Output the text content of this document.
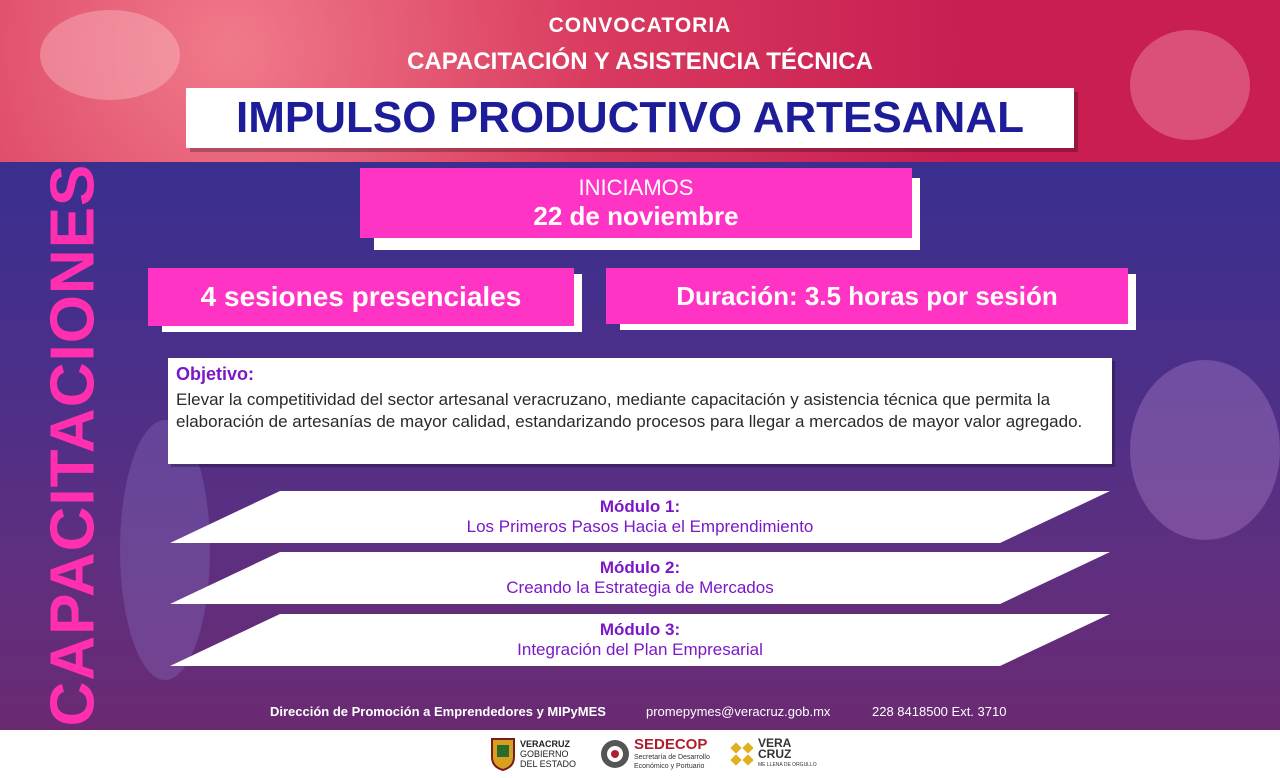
CAPACITACIONES
CONVOCATORIA
CAPACITACIÓN Y ASISTENCIA TÉCNICA
IMPULSO PRODUCTIVO ARTESANAL
INICIAMOS
22 de noviembre
4 sesiones presenciales	Duración: 3.5 horas por sesión
Objetivo:
Elevar la competitividad del sector artesanal veracruzano, mediante capacitación y asistencia técnica que permita la elaboración de artesanías de mayor calidad, estandarizando procesos para llegar a mercados de mayor valor agregado.
Módulo 1:
Los Primeros Pasos Hacia el Emprendimiento
Módulo 2:
Creando la Estrategia de Mercados
Módulo 3:
Integración del Plan Empresarial
Dirección de Promoción a Emprendedores y MIPyMES	promepymes@veracruz.gob.mx	228 8418500 Ext. 3710
VERACRUZ
GOBIERNO
DEL ESTADO
SEDECOP
Secretaría de Desarrollo
Económico y Portuario
VERA
CRUZ
ME LLENA DE ORGULLO
